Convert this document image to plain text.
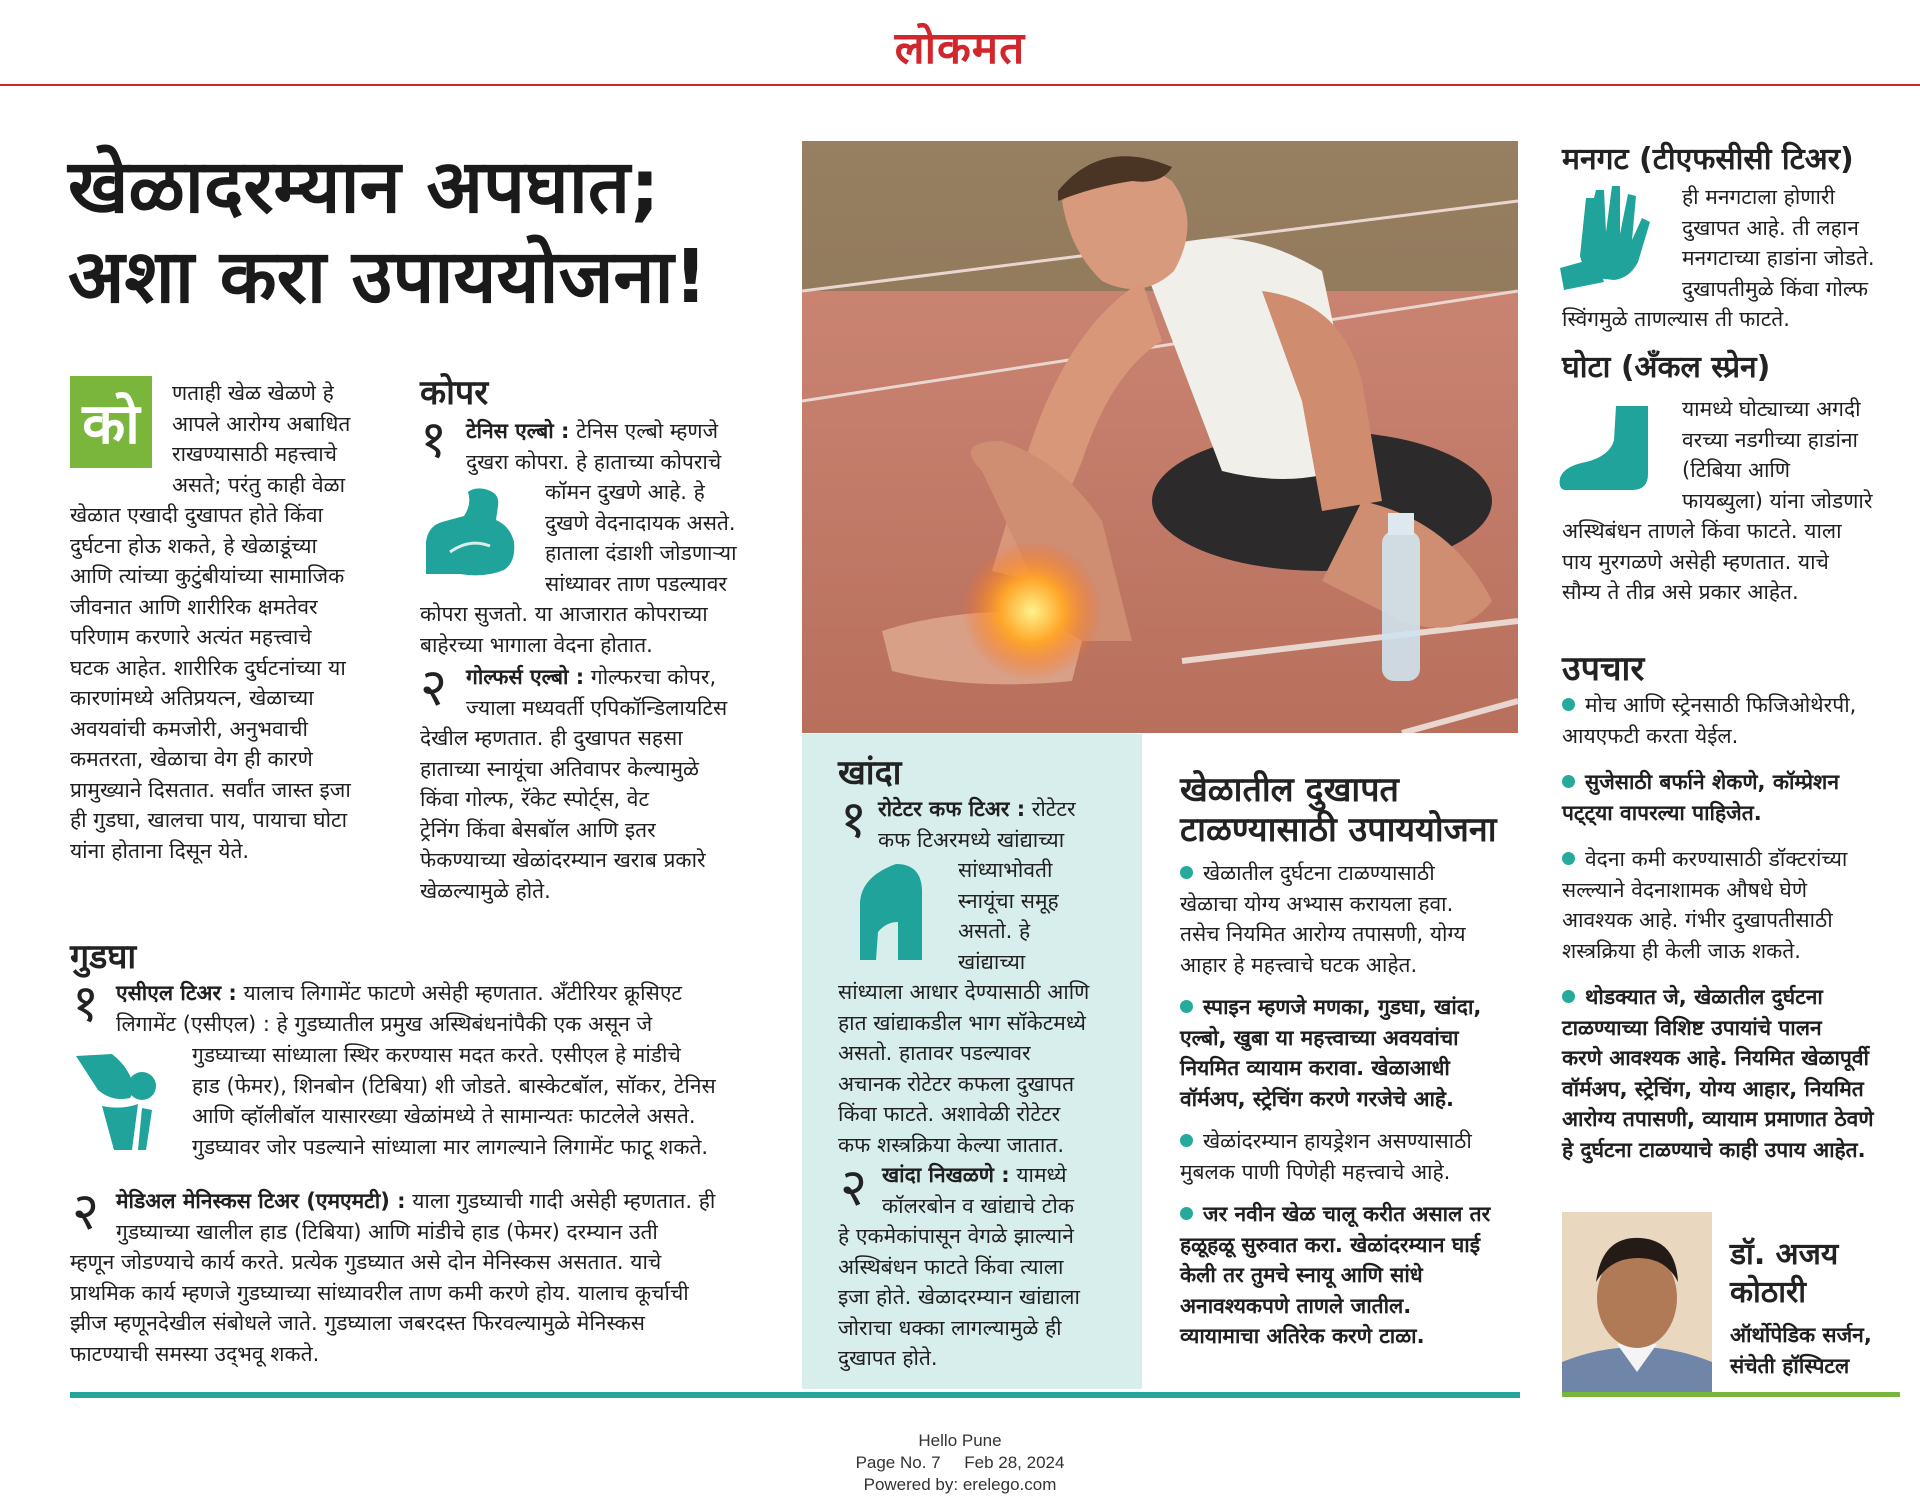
लोकमत
खेळादरम्यान अपघात;
अशा करा उपाययोजना!
को	णताही खेळ खेळणे हे
आपले आरोग्य अबाधित
राखण्यासाठी महत्त्वाचे
असते; परंतु काही वेळा
खेळात एखादी दुखापत होते किंवा
दुर्घटना होऊ शकते, हे खेळाडूंच्या
आणि त्यांच्या कुटुंबीयांच्या सामाजिक
जीवनात आणि शारीरिक क्षमतेवर
परिणाम करणारे अत्यंत महत्त्वाचे
घटक आहेत. शारीरिक दुर्घटनांच्या या
कारणांमध्ये अतिप्रयत्न, खेळाच्या
अवयवांची कमजोरी, अनुभवाची
कमतरता, खेळाचा वेग ही कारणे
प्रामुख्याने दिसतात. सर्वांत जास्त इजा
ही गुडघा, खालचा पाय, पायाचा घोटा
यांना होताना दिसून येते.
कोपर
१ टेनिस एल्बो : टेनिस एल्बो म्हणजे
दुखरा कोपरा. हे हाताच्या कोपराचे
कॉमन दुखणे आहे. हे
दुखणे वेदनादायक असते.
हाताला दंडाशी जोडणाऱ्या
सांध्यावर ताण पडल्यावर
कोपरा सुजतो. या आजारात कोपराच्या
बाहेरच्या भागाला वेदना होतात.
२ गोल्फर्स एल्बो : गोल्फरचा कोपर,
ज्याला मध्यवर्ती एपिकॉन्डिलायटिस
देखील म्हणतात. ही दुखापत सहसा
हाताच्या स्नायूंचा अतिवापर केल्यामुळे
किंवा गोल्फ, रॅकेट स्पोर्ट्स, वेट
ट्रेनिंग किंवा बेसबॉल आणि इतर
फेकण्याच्या खेळांदरम्यान खराब प्रकारे
खेळल्यामुळे होते.
गुडघा
१ एसीएल टिअर : यालाच लिगामेंट फाटणे असेही म्हणतात. अँटीरियर क्रूसिएट
लिगामेंट (एसीएल) : हे गुडघ्यातील प्रमुख अस्थिबंधनांपैकी एक असून जे
गुडघ्याच्या सांध्याला स्थिर करण्यास मदत करते. एसीएल हे मांडीचे
हाड (फेमर), शिनबोन (टिबिया) शी जोडते. बास्केटबॉल, सॉकर, टेनिस
आणि व्हॉलीबॉल यासारख्या खेळांमध्ये ते सामान्यतः फाटलेले असते.
गुडघ्यावर जोर पडल्याने सांध्याला मार लागल्याने लिगामेंट फाटू शकते.
२ मेडिअल मेनिस्कस टिअर (एमएमटी) : याला गुडघ्याची गादी असेही म्हणतात. ही
गुडघ्याच्या खालील हाड (टिबिया) आणि मांडीचे हाड (फेमर) दरम्यान उती
म्हणून जोडण्याचे कार्य करते. प्रत्येक गुडघ्यात असे दोन मेनिस्कस असतात. याचे
प्राथमिक कार्य म्हणजे गुडघ्याच्या सांध्यावरील ताण कमी करणे होय. यालाच कूर्चाची
झीज म्हणूनदेखील संबोधले जाते. गुडघ्याला जबरदस्त फिरवल्यामुळे मेनिस्कस
फाटण्याची समस्या उद्‌भवू शकते.
खांदा
१ रोटेटर कफ टिअर : रोटेटर
कफ टिअरमध्ये खांद्याच्या
सांध्याभोवती
स्नायूंचा समूह
असतो. हे
खांद्याच्या
सांध्याला आधार देण्यासाठी आणि
हात खांद्याकडील भाग सॉकेटमध्ये
असतो. हातावर पडल्यावर
अचानक रोटेटर कफला दुखापत
किंवा फाटते. अशावेळी रोटेटर
कफ शस्त्रक्रिया केल्या जातात.
२ खांदा निखळणे : यामध्ये
कॉलरबोन व खांद्याचे टोक
हे एकमेकांपासून वेगळे झाल्याने
अस्थिबंधन फाटते किंवा त्याला
इजा होते. खेळादरम्यान खांद्याला
जोराचा धक्का लागल्यामुळे ही
दुखापत होते.
खेळातील दुखापत
टाळण्यासाठी उपाययोजना
खेळातील दुर्घटना टाळण्यासाठी
खेळाचा योग्य अभ्यास करायला हवा.
तसेच नियमित आरोग्य तपासणी, योग्य
आहार हे महत्त्वाचे घटक आहेत.
स्पाइन म्हणजे मणका, गुडघा, खांदा,
एल्बो, खुबा या महत्त्वाच्या अवयवांचा
नियमित व्यायाम करावा. खेळाआधी
वॉर्मअप, स्ट्रेचिंग करणे गरजेचे आहे.
खेळांदरम्यान हायड्रेशन असण्यासाठी
मुबलक पाणी पिणेही महत्त्वाचे आहे.
जर नवीन खेळ चालू करीत असाल तर
हळूहळू सुरुवात करा. खेळांदरम्यान घाई
केली तर तुमचे स्नायू आणि सांधे
अनावश्यकपणे ताणले जातील.
व्यायामाचा अतिरेक करणे टाळा.
मनगट (टीएफसीसी टिअर)
ही मनगटाला होणारी
दुखापत आहे. ती लहान
मनगटाच्या हाडांना जोडते.
दुखापतीमुळे किंवा गोल्फ
स्विंगमुळे ताणल्यास ती फाटते.
घोटा (अँकल स्प्रेन)
यामध्ये घोट्याच्या अगदी
वरच्या नडगीच्या हाडांना
(टिबिया आणि
फायब्युला) यांना जोडणारे
अस्थिबंधन ताणले किंवा फाटते. याला
पाय मुरगळणे असेही म्हणतात. याचे
सौम्य ते तीव्र असे प्रकार आहेत.
उपचार
मोच आणि स्ट्रेनसाठी फिजिओथेरपी,
आयएफटी करता येईल.
सुजेसाठी बर्फाने शेकणे, कॉम्प्रेशन
पट्ट्या वापरल्या पाहिजेत.
वेदना कमी करण्यासाठी डॉक्टरांच्या
सल्ल्याने वेदनाशामक औषधे घेणे
आवश्यक आहे. गंभीर दुखापतीसाठी
शस्त्रक्रिया ही केली जाऊ शकते.
थोडक्यात जे, खेळातील दुर्घटना
टाळण्याच्या विशिष्ट उपायांचे पालन
करणे आवश्यक आहे. नियमित खेळापूर्वी
वॉर्मअप, स्ट्रेचिंग, योग्य आहार, नियमित
आरोग्य तपासणी, व्यायाम प्रमाणात ठेवणे
हे दुर्घटना टाळण्याचे काही उपाय आहेत.
डॉ. अजय
कोठारी
ऑर्थोपेडिक सर्जन,
संचेती हॉस्पिटल
Hello Pune
Page No. 7     Feb 28, 2024
Powered by: erelego.com
